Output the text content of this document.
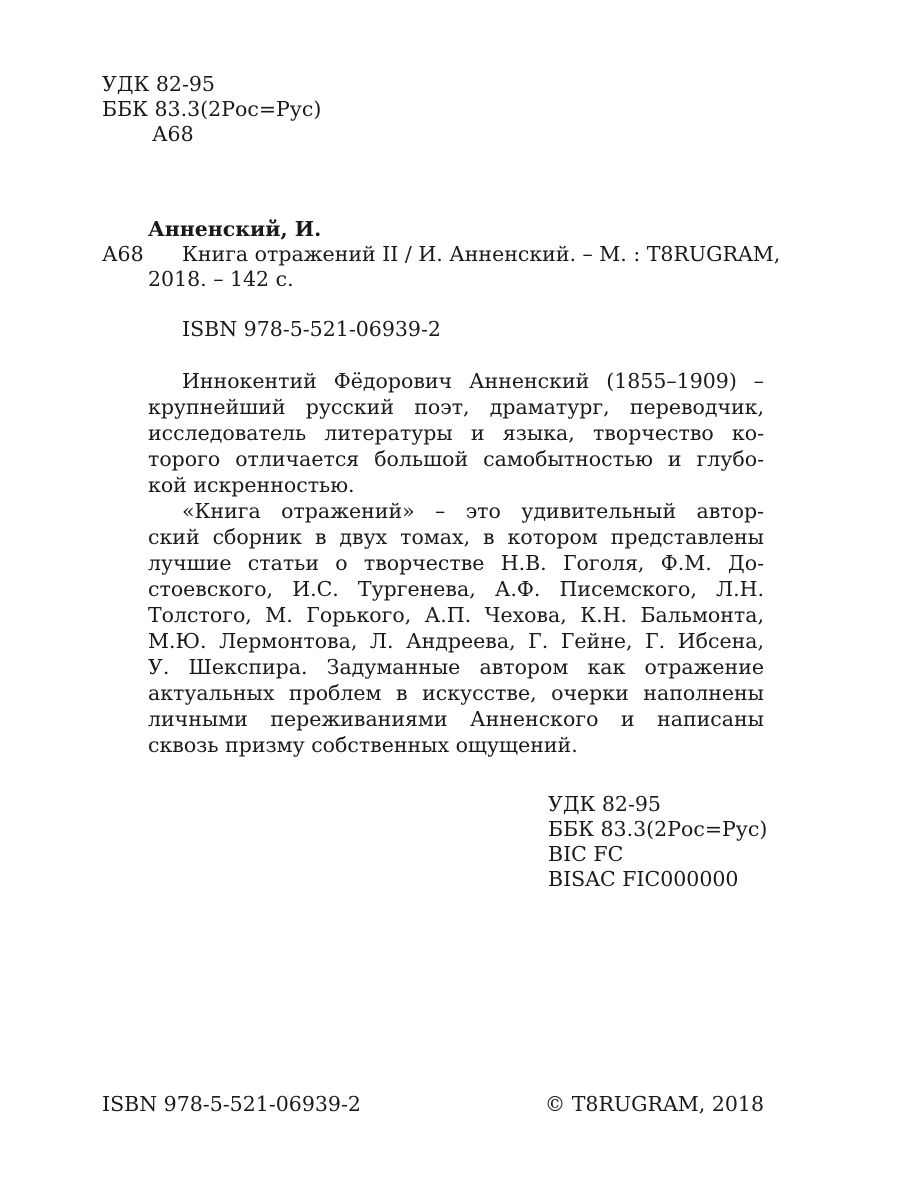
УДК 82-95
ББК 83.3(2Рос=Рус)
А68
Анненский, И.
А68 Книга отражений II / И. Анненский. – М. : T8RUGRAM,
2018. – 142 с.
ISBN 978-5-521-06939-2
Иннокентий Фёдорович Анненский (1855–1909) –
крупнейший русский поэт, драматург, переводчик,
исследователь литературы и языка, творчество ко-
торого отличается большой самобытностью и глубо-
кой искренностью.
«Книга отражений» – это удивительный автор-
ский сборник в двух томах, в котором представлены
лучшие статьи о творчестве Н.В. Гоголя, Ф.М. До-
стоевского, И.С. Тургенева, А.Ф. Писемского, Л.Н.
Толстого, М. Горького, А.П. Чехова, К.Н. Бальмонта,
М.Ю. Лермонтова, Л. Андреева, Г. Гейне, Г. Ибсена,
У. Шекспира. Задуманные автором как отражение
актуальных проблем в искусстве, очерки наполнены
личными переживаниями Анненского и написаны
сквозь призму собственных ощущений.
УДК 82-95
ББК 83.3(2Рос=Рус)
BIC FC
BISAC FIC000000
ISBN 978-5-521-06939-2	© T8RUGRAM, 2018
